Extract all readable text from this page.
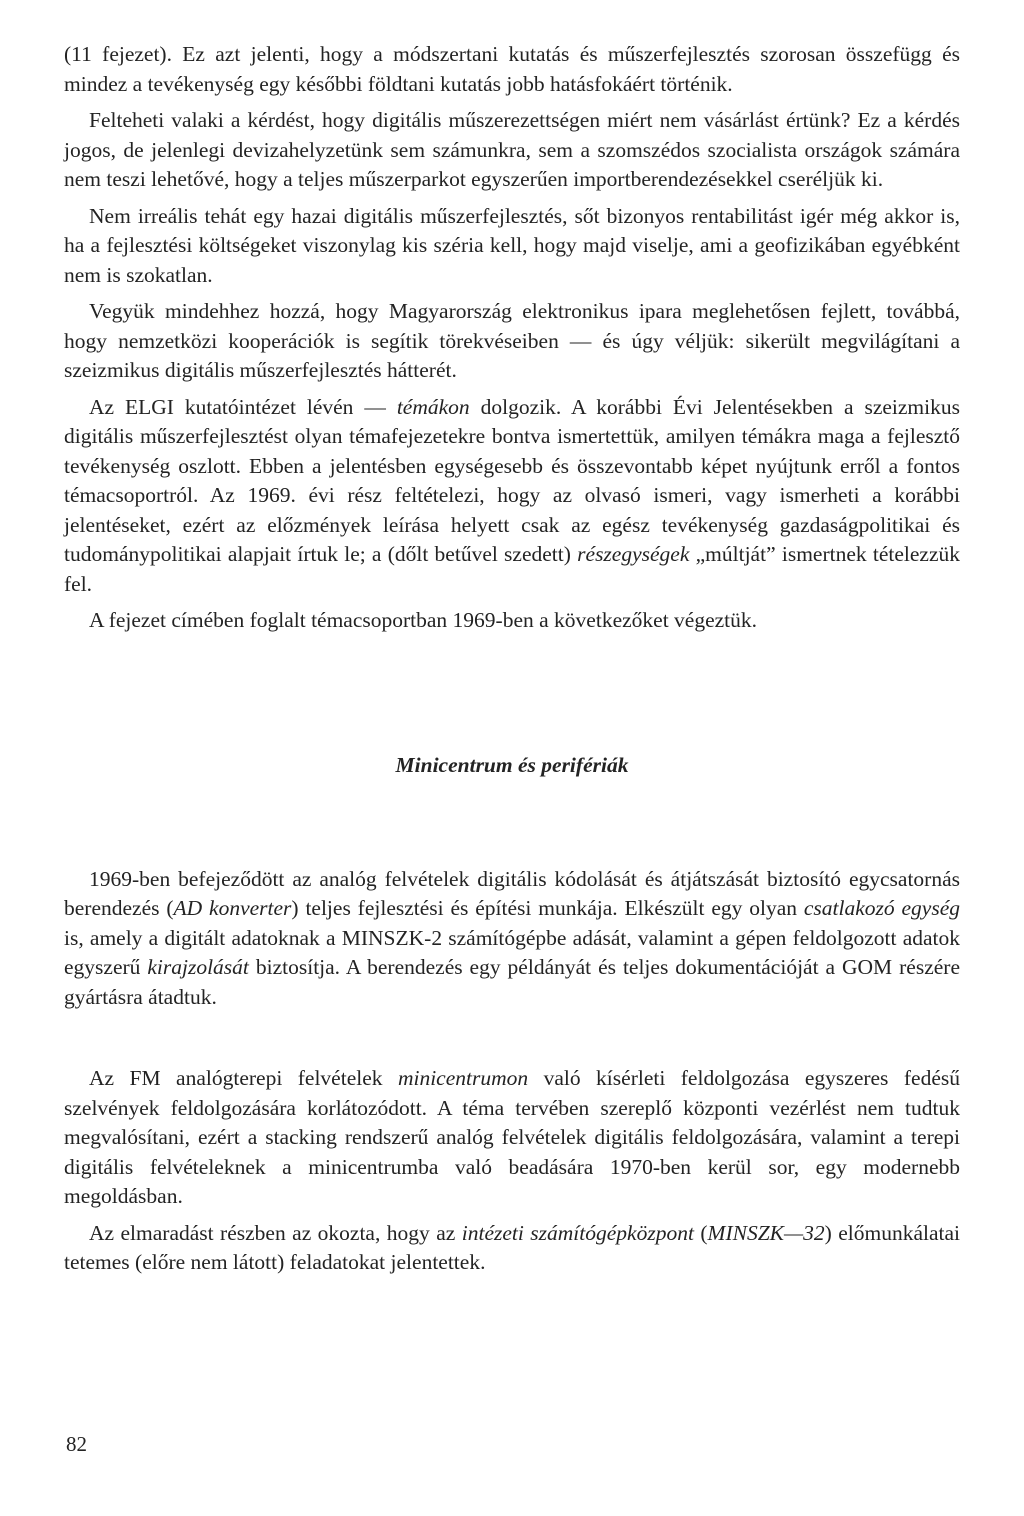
(11 fejezet). Ez azt jelenti, hogy a módszertani kutatás és műszerfejlesztés szorosan összefügg és mindez a tevékenység egy későbbi földtani kutatás jobb hatásfokáért történik.

Felteheti valaki a kérdést, hogy digitális műszerezettségen miért nem vásárlást értünk? Ez a kérdés jogos, de jelenlegi devizahelyzetünk sem számunkra, sem a szomszédos szocialista országok számára nem teszi lehetővé, hogy a teljes műszerparkot egyszerűen importberendezésekkel cseréljük ki.

Nem irreális tehát egy hazai digitális műszerfejlesztés, sőt bizonyos rentabilitást igér még akkor is, ha a fejlesztési költségeket viszonylag kis széria kell, hogy majd viselje, ami a geofizikában egyébként nem is szokatlan.

Vegyük mindehhez hozzá, hogy Magyarország elektronikus ipara meglehetősen fejlett, továbbá, hogy nemzetközi kooperációk is segítik törekvéseiben — és úgy véljük: sikerült megvilágítani a szeizmikus digitális műszerfejlesztés hátterét.

Az ELGI kutatóintézet lévén — témákon dolgozik. A korábbi Évi Jelentésekben a szeizmikus digitális műszerfejlesztést olyan témafejezetekre bontva ismertettük, amilyen témákra maga a fejlesztő tevékenység oszlott. Ebben a jelentésben egységesebb és összevontabb képet nyújtunk erről a fontos témacsoportról. Az 1969. évi rész feltételezi, hogy az olvasó ismeri, vagy ismerheti a korábbi jelentéseket, ezért az előzmények leírása helyett csak az egész tevékenység gazdaságpolitikai és tudománypolitikai alapjait írtuk le; a (dőlt betűvel szedett) részegységek „múltját” ismertnek tételezzük fel.

A fejezet címében foglalt témacsoportban 1969-ben a következőket végeztük.

Minicentrum és perifériák

1969-ben befejeződött az analóg felvételek digitális kódolását és átjátszását biztosító egycsatornás berendezés (AD konverter) teljes fejlesztési és építési munkája. Elkészült egy olyan csatlakozó egység is, amely a digitált adatoknak a MINSZK-2 számítógépbe adását, valamint a gépen feldolgozott adatok egyszerű kirajzolását biztosítja. A berendezés egy példányát és teljes dokumentációját a GOM részére gyártásra átadtuk.

Az FM analógterepi felvételek minicentrumon való kísérleti feldolgozása egyszeres fedésű szelvények feldolgozására korlátozódott. A téma tervében szereplő központi vezérlést nem tudtuk megvalósítani, ezért a stacking rendszerű analóg felvételek digitális feldolgozására, valamint a terepi digitális felvételeknek a minicentrumba való beadására 1970-ben kerül sor, egy modernebb megoldásban.

Az elmaradást részben az okozta, hogy az intézeti számítógépközpont (MINSZK—32) előmunkálatai tetemes (előre nem látott) feladatokat jelentettek.

82
